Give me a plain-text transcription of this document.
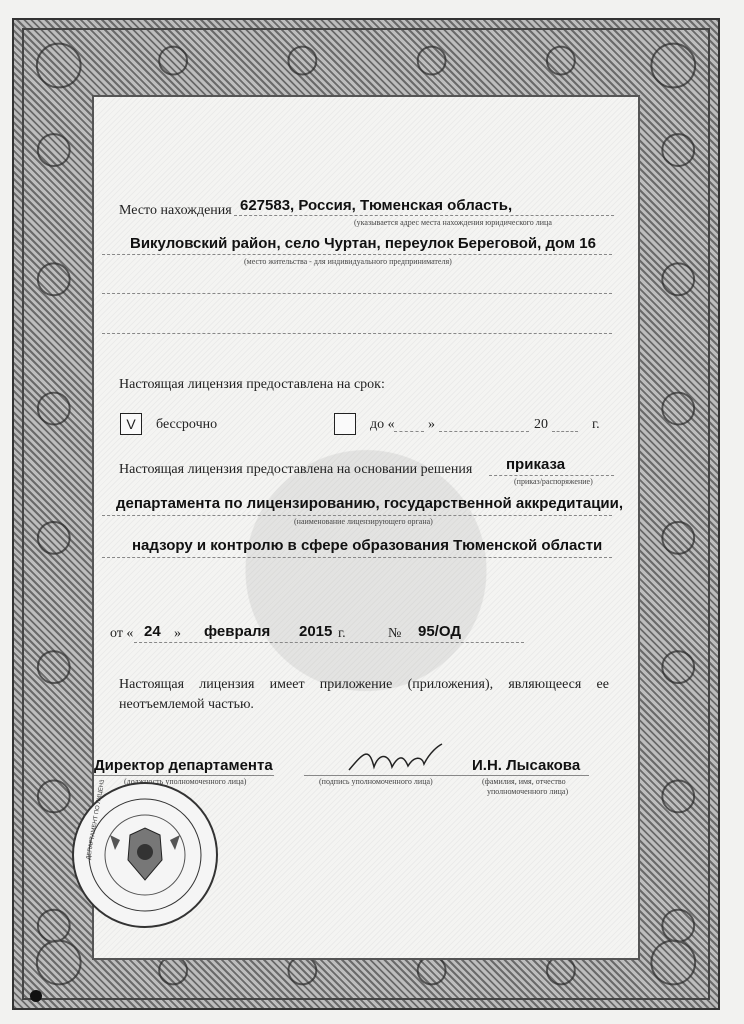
Место нахождения 627583, Россия, Тюменская область,
(указывается адрес места нахождения юридического лица
Викуловский район, село Чуртан, переулок Береговой, дом 16
(место жительства - для индивидуального предпринимателя)
Настоящая лицензия предоставлена на срок:
V	бессрочно	до « »	20	г.
Настоящая лицензия предоставлена на основании решения приказа
(приказ/распоряжение)
департамента по лицензированию, государственной аккредитации,
(наименование лицензирующего органа)
надзору и контролю в сфере образования Тюменской области
от « 24 » февраля 2015 г.	№ 95/ОД
Настоящая лицензия имеет приложение (приложения), являющееся ее неотъемлемой частью.
Директор департамента
(должность уполномоченного лица)	(подпись уполномоченного лица)
И.Н. Лысакова
(фамилия, имя, отчество
уполномоченного лица)
